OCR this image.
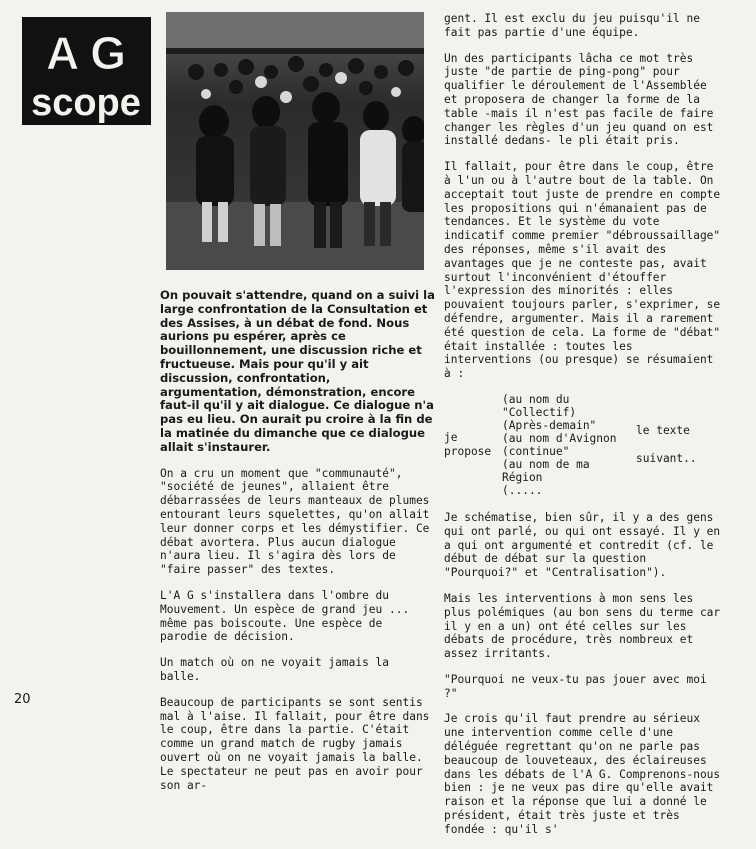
A G
scope

On pouvait s'attendre, quand on a suivi la large confrontation de la Consultation et des Assises, à un débat de fond. Nous aurions pu espérer, après ce bouillonnement, une discussion riche et fructueuse. Mais pour qu'il y ait discussion, confrontation, argumentation, démonstration, encore faut-il qu'il y ait dialogue. Ce dialogue n'a pas eu lieu. On aurait pu croire à la fin de la matinée du dimanche que ce dialogue allait s'instaurer.

On a cru un moment que "communauté", "société de jeunes", allaient être débarrassées de leurs manteaux de plumes entourant leurs squelettes, qu'on allait leur donner corps et les démystifier. Ce débat avortera. Plus aucun dialogue n'aura lieu. Il s'agira dès lors de "faire passer" des textes.

L'A G s'installera dans l'ombre du Mouvement. Un espèce de grand jeu ... même pas boiscoute. Une espèce de parodie de décision.

Un match où on ne voyait jamais la balle.

Beaucoup de participants se sont sentis mal à l'aise. Il fallait, pour être dans le coup, être dans la partie. C'était comme un grand match de rugby jamais ouvert où on ne voyait jamais la balle. Le spectateur ne peut pas en avoir pour son ar-

gent. Il est exclu du jeu puisqu'il ne fait pas partie d'une équipe.

Un des participants lâcha ce mot très juste "de partie de ping-pong" pour qualifier le déroulement de l'Assemblée et proposera de changer la forme de la table -mais il n'est pas facile de faire changer les règles d'un jeu quand on est installé dedans- le pli était pris.

Il fallait, pour être dans le coup, être à l'un ou à l'autre bout de la table. On acceptait tout juste de prendre en compte les propositions qui n'émanaient pas de tendances. Et le système du vote indicatif comme premier "débroussaillage" des réponses, même s'il avait des avantages que je ne conteste pas, avait surtout l'inconvénient d'étouffer l'expression des minorités : elles pouvaient toujours parler, s'exprimer, se défendre, argumenter. Mais il a rarement été question de cela. La forme de "débat" était installée : toutes les interventions (ou presque) se résumaient à :

je propose
(au nom du "Collectif)
(Après-demain"
(au nom d'Avignon
(continue"
(au nom de ma Région
(.....
le texte
suivant..

Je schématise, bien sûr, il y a des gens qui ont parlé, ou qui ont essayé. Il y en a qui ont argumenté et contredit (cf. le début de débat sur la question "Pourquoi?" et "Centralisation").

Mais les interventions à mon sens les plus polémiques (au bon sens du terme car il y en a un) ont été celles sur les débats de procédure, très nombreux et assez irritants.

"Pourquoi ne veux-tu pas jouer avec moi ?"

Je crois qu'il faut prendre au sérieux une intervention comme celle d'une déléguée regrettant qu'on ne parle pas beaucoup de louveteaux, des éclaireuses dans les débats de l'A G. Comprenons-nous bien : je ne veux pas dire qu'elle avait raison et la réponse que lui a donné le président, était très juste et très fondée : qu'il s'

20
